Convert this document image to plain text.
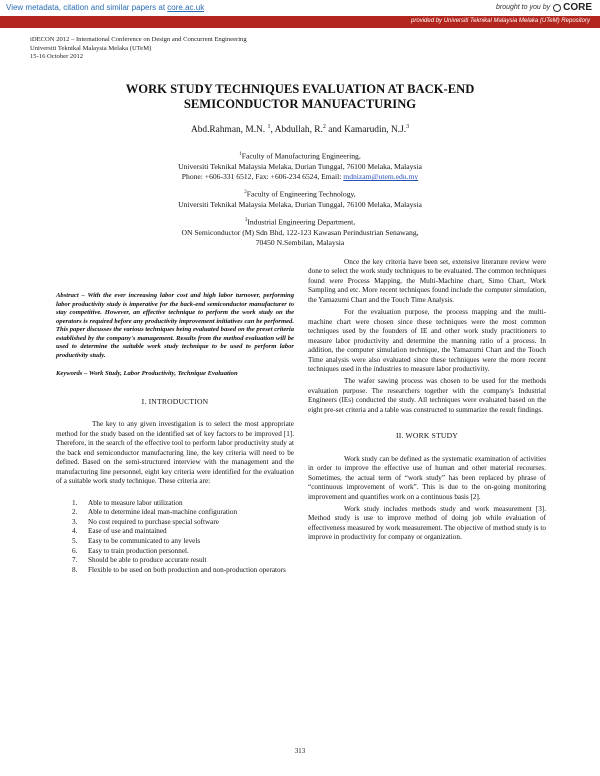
View metadata, citation and similar papers at core.ac.uk	brought to you by CORE
provided by Universiti Teknikal Malaysia Melaka (UTeM) Repository
iDECON 2012 – International Conference on Design and Concurrent Engineering
Universiti Teknikal Malaysia Melaka (UTeM)
15-16 October 2012
WORK STUDY TECHNIQUES EVALUATION AT BACK-END
SEMICONDUCTOR MANUFACTURING
Abd.Rahman, M.N. $^1$, Abdullah, R.$^2$ and Kamarudin, N.J.$^3$
$^1$Faculty of Manufacturing Engineering,
Universiti Teknikal Malaysia Melaka, Durian Tunggal, 76100 Melaka, Malaysia
Phone: +606-331 6512, Fax: +606-234 6524, Email: mdnizam@utem.edu.my
$^2$Faculty of Engineering Technology,
Universiti Teknikal Malaysia Melaka, Durian Tunggal, 76100 Melaka, Malaysia
$^3$Industrial Engineering Department,
ON Semiconductor (M) Sdn Bhd, 122-123 Kawasan Perindustrian Senawang,
70450 N.Sembilan, Malaysia

Abstract – With the ever increasing labor cost and high labor turnover, performing labor productivity study is imperative for the back-end semiconductor manufacturer to stay competitive. However, an effective technique to perform the work study on the operators is required before any productivity improvement initiatives can be performed. This paper discusses the various techniques being evaluated based on the preset criteria established by the company's management. Results from the method evaluation will be used to determine the suitable work study technique to be used to perform labor productivity study.

Keywords – Work Study, Labor Productivity, Technique Evaluation

I. INTRODUCTION

The key to any given investigation is to select the most appropriate method for the study based on the identified set of key factors to be improved [1]. Therefore, in the search of the effective tool to perform labor productivity study at the back end semiconductor manufacturing line, the key criteria will need to be defined. Based on the semi-structured interview with the management and the manufacturing line personnel, eight key criteria were identified for the evaluation of a suitable work study technique. These criteria are:

1. Able to measure labor utilization
2. Able to determine ideal man-machine configuration
3. No cost required to purchase special software
4. Ease of use and maintained
5. Easy to be communicated to any levels
6. Easy to train production personnel.
7. Should be able to produce accurate result
8. Flexible to be used on both production and non-production operators

Once the key criteria have been set, extensive literature review were done to select the work study techniques to be evaluated. The common techniques found were Process Mapping, the Multi-Machine chart, Simo Chart, Work Sampling and etc. More recent techniques found include the computer simulation, the Yamazumi Chart and the Touch Time Analysis.

For the evaluation purpose, the process mapping and the multi-machine chart were chosen since these techniques were the most common techniques used by the founders of IE and other work study practitioners to measure labor productivity and determine the manning ratio of a process. In addition, the computer simulation technique, the Yamazumi Chart and the Touch Time analysis were also evaluated since these techniques were the more recent techniques used in the industries to measure labor productivity.

The wafer sawing process was chosen to be used for the methods evaluation purpose. The researchers together with the company's Industrial Engineers (IEs) conducted the study. All techniques were evaluated based on the eight pre-set criteria and a table was constructed to summarize the result findings.

II. WORK STUDY

Work study can be defined as the systematic examination of activities in order to improve the effective use of human and other material recourses. Sometimes, the actual term of “work study” has been replaced by phrase of “continuous improvement of work”. This is due to the on-going monitoring improvement and quantifies work on a continuous basis [2].

Work study includes methods study and work measurement [3]. Method study is use to improve method of doing job while evaluation of effectiveness measured by work measurement. The objective of method study is to improve in productivity for company or organization.

313
